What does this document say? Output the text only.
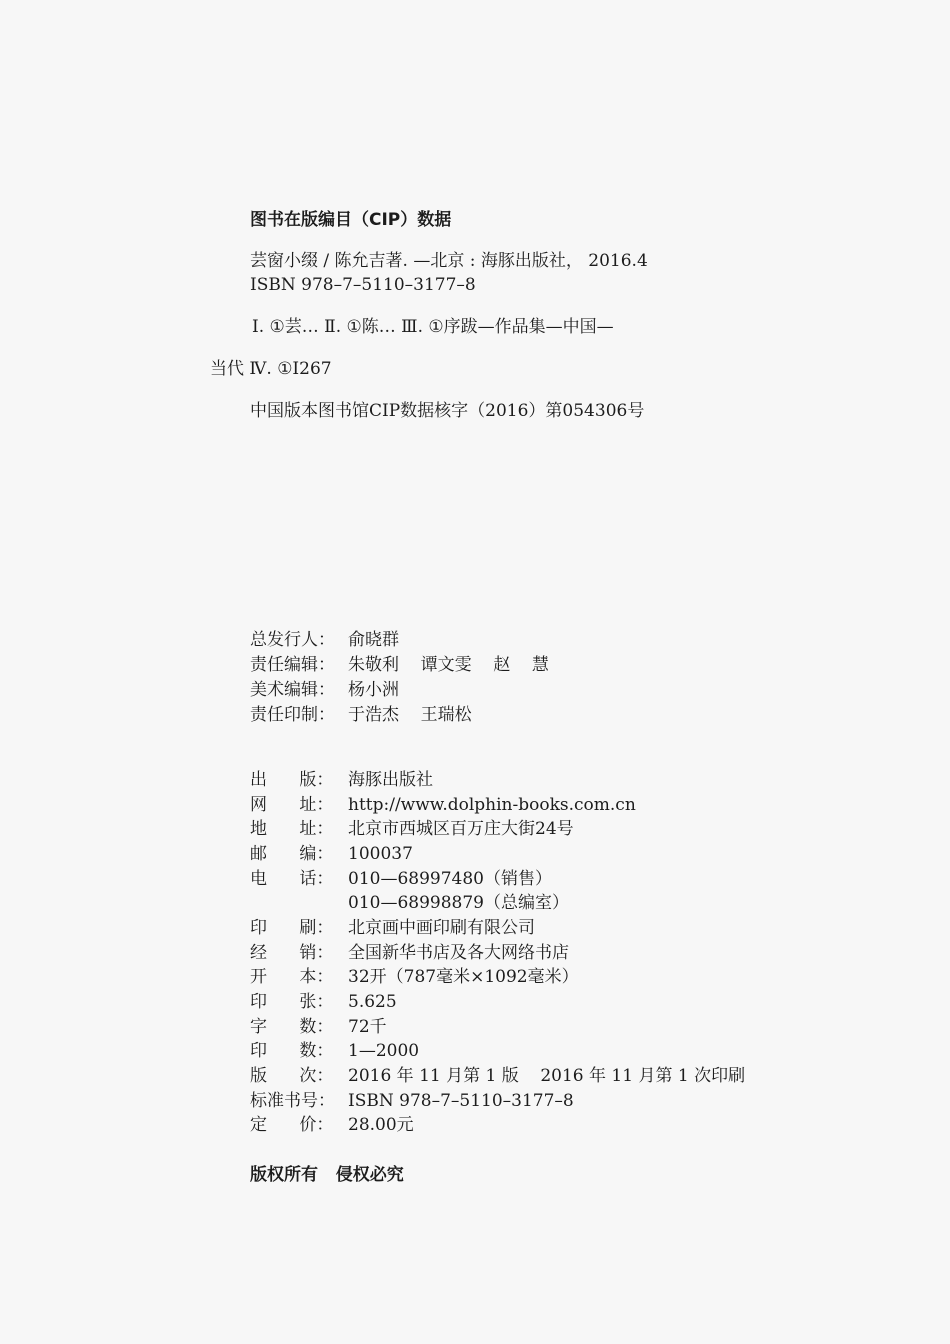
图书在版编目（CIP）数据
芸窗小缀 / 陈允吉著. —北京 : 海豚出版社， 2016.4
ISBN 978–7–5110–3177–8
Ⅰ. ①芸… Ⅱ. ①陈… Ⅲ. ①序跋—作品集—中国—
当代 Ⅳ. ①I267
中国版本图书馆CIP数据核字（2016）第054306号
总发行人： 俞晓群
责任编辑： 朱敬利    谭文雯    赵    慧
美术编辑： 杨小洲
责任印制： 于浩杰    王瑞松
出      版： 海豚出版社
网      址： http://www.dolphin-books.com.cn
地      址： 北京市西城区百万庄大街24号
邮      编： 100037
电      话： 010—68997480（销售）
010—68998879（总编室）
印      刷： 北京画中画印刷有限公司
经      销： 全国新华书店及各大网络书店
开      本： 32开（787毫米×1092毫米）
印      张： 5.625
字      数： 72千
印      数： 1—2000
版      次： 2016 年 11 月第 1 版    2016 年 11 月第 1 次印刷
标准书号： ISBN 978–7–5110–3177–8
定      价： 28.00元
版权所有   侵权必究
